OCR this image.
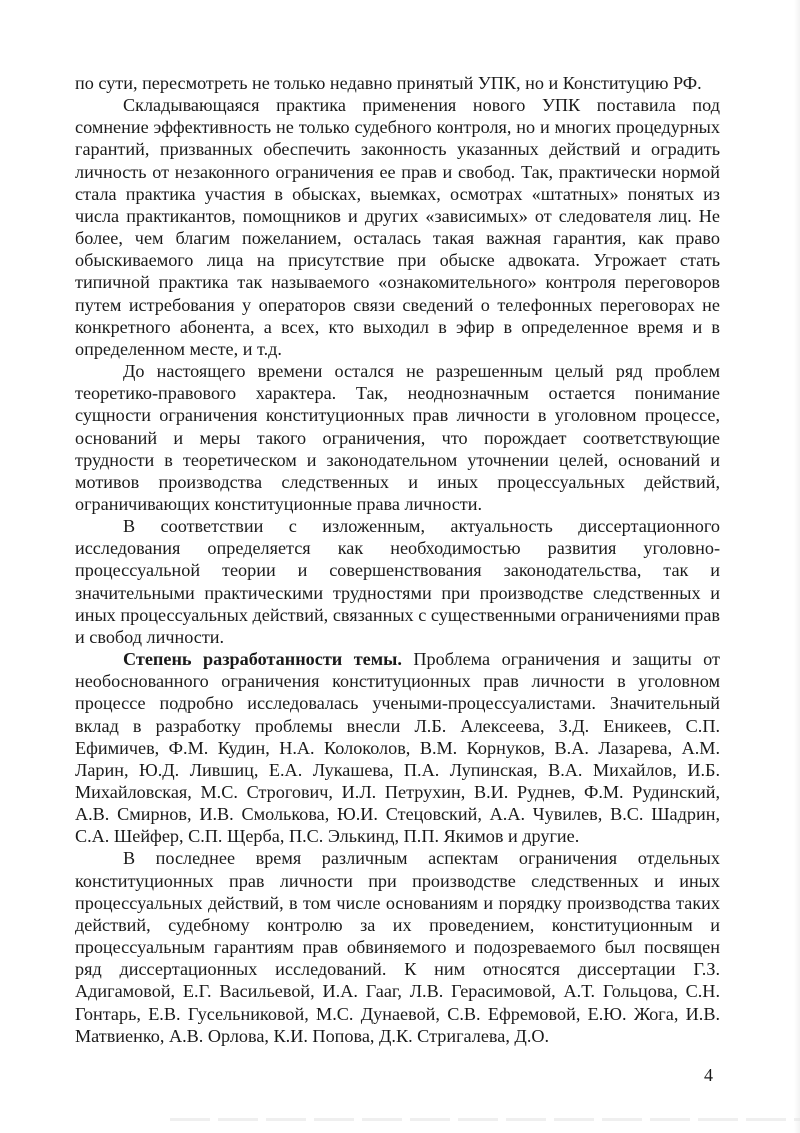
по сути, пересмотреть не только недавно принятый УПК, но и Конституцию РФ.

Складывающаяся практика применения нового УПК поставила под сомнение эффективность не только судебного контроля, но и многих процедурных гарантий, призванных обеспечить законность указанных действий и оградить личность от незаконного ограничения ее прав и свобод. Так, практически нормой стала практика участия в обысках, выемках, осмотрах «штатных» понятых из числа практикантов, помощников и других «зависимых» от следователя лиц. Не более, чем благим пожеланием, осталась такая важная гарантия, как право обыскиваемого лица на присутствие при обыске адвоката. Угрожает стать типичной практика так называемого «ознакомительного» контроля переговоров путем истребования у операторов связи сведений о телефонных переговорах не конкретного абонента, а всех, кто выходил в эфир в определенное время и в определенном месте, и т.д.

До настоящего времени остался не разрешенным целый ряд проблем теоретико-правового характера. Так, неоднозначным остается понимание сущности ограничения конституционных прав личности в уголовном процессе, оснований и меры такого ограничения, что порождает соответствующие трудности в теоретическом и законодательном уточнении целей, оснований и мотивов производства следственных и иных процессуальных действий, ограничивающих конституционные права личности.

В соответствии с изложенным, актуальность диссертационного исследования определяется как необходимостью развития уголовно-процессуальной теории и совершенствования законодательства, так и значительными практическими трудностями при производстве следственных и иных процессуальных действий, связанных с существенными ограничениями прав и свобод личности.

Степень разработанности темы. Проблема ограничения и защиты от необоснованного ограничения конституционных прав личности в уголовном процессе подробно исследовалась учеными-процессуалистами. Значительный вклад в разработку проблемы внесли Л.Б. Алексеева, З.Д. Еникеев, С.П. Ефимичев, Ф.М. Кудин, Н.А. Колоколов, В.М. Корнуков, В.А. Лазарева, А.М. Ларин, Ю.Д. Лившиц, Е.А. Лукашева, П.А. Лупинская, В.А. Михайлов, И.Б. Михайловская, М.С. Строгович, И.Л. Петрухин, В.И. Руднев, Ф.М. Рудинский, А.В. Смирнов, И.В. Смолькова, Ю.И. Стецовский, А.А. Чувилев, В.С. Шадрин, С.А. Шейфер, С.П. Щерба, П.С. Элькинд, П.П. Якимов и другие.

В последнее время различным аспектам ограничения отдельных конституционных прав личности при производстве следственных и иных процессуальных действий, в том числе основаниям и порядку производства таких действий, судебному контролю за их проведением, конституционным и процессуальным гарантиям прав обвиняемого и подозреваемого был посвящен ряд диссертационных исследований. К ним относятся диссертации Г.З. Адигамовой, Е.Г. Васильевой, И.А. Гааг, Л.В. Герасимовой, А.Т. Гольцова, С.Н. Гонтарь, Е.В. Гусельниковой, М.С. Дунаевой, С.В. Ефремовой, Е.Ю. Жога, И.В. Матвиенко, А.В. Орлова, К.И. Попова, Д.К. Стригалева, Д.О.

4
